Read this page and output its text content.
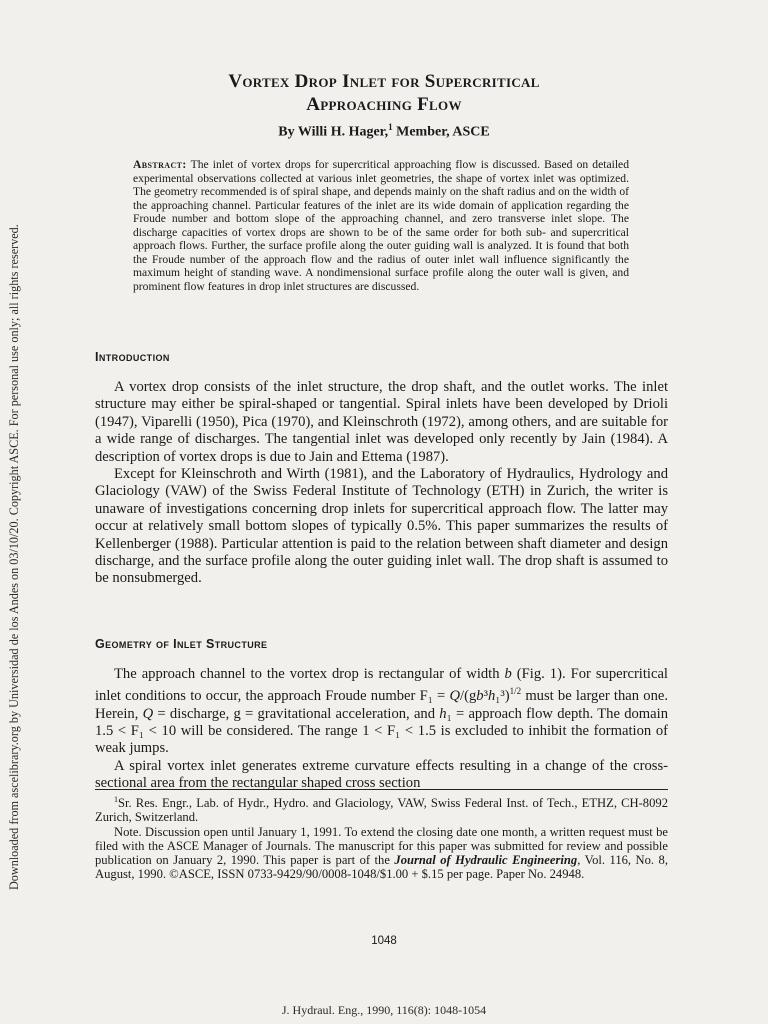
Downloaded from ascelibrary.org by Universidad de los Andes on 03/10/20. Copyright ASCE. For personal use only; all rights reserved.
Vortex Drop Inlet for Supercritical
Approaching Flow
By Willi H. Hager,$^1$ Member, ASCE
Abstract: The inlet of vortex drops for supercritical approaching flow is discussed. Based on detailed experimental observations collected at various inlet geometries, the shape of vortex inlet was optimized. The geometry recommended is of spiral shape, and depends mainly on the shaft radius and on the width of the approaching channel. Particular features of the inlet are its wide domain of application regarding the Froude number and bottom slope of the approaching channel, and zero transverse inlet slope. The discharge capacities of vortex drops are shown to be of the same order for both sub- and supercritical approach flows. Further, the surface profile along the outer guiding wall is analyzed. It is found that both the Froude number of the approach flow and the radius of outer inlet wall influence significantly the maximum height of standing wave. A nondimensional surface profile along the outer wall is given, and prominent flow features in drop inlet structures are discussed.
Introduction

A vortex drop consists of the inlet structure, the drop shaft, and the outlet works. The inlet structure may either be spiral-shaped or tangential. Spiral inlets have been developed by Drioli (1947), Viparelli (1950), Pica (1970), and Kleinschroth (1972), among others, and are suitable for a wide range of discharges. The tangential inlet was developed only recently by Jain (1984). A description of vortex drops is due to Jain and Ettema (1987).

Except for Kleinschroth and Wirth (1981), and the Laboratory of Hydraulics, Hydrology and Glaciology (VAW) of the Swiss Federal Institute of Technology (ETH) in Zurich, the writer is unaware of investigations concerning drop inlets for supercritical approach flow. The latter may occur at relatively small bottom slopes of typically 0.5%. This paper summarizes the results of Kellenberger (1988). Particular attention is paid to the relation between shaft diameter and design discharge, and the surface profile along the outer guiding inlet wall. The drop shaft is assumed to be nonsubmerged.

Geometry of Inlet Structure

The approach channel to the vortex drop is rectangular of width b (Fig. 1). For supercritical inlet conditions to occur, the approach Froude number $F_1 = Q/(gb^3h_1^3)^{1/2}$ must be larger than one. Herein, Q = discharge, g = gravitational acceleration, and h₁ = approach flow depth. The domain 1.5 < F₁ < 10 will be considered. The range 1 < F₁ < 1.5 is excluded to inhibit the formation of weak jumps.

A spiral vortex inlet generates extreme curvature effects resulting in a change of the cross-sectional area from the rectangular shaped cross section

$^1$Sr. Res. Engr., Lab. of Hydr., Hydro. and Glaciology, VAW, Swiss Federal Inst. of Tech., ETHZ, CH-8092 Zurich, Switzerland.

Note. Discussion open until January 1, 1991. To extend the closing date one month, a written request must be filed with the ASCE Manager of Journals. The manuscript for this paper was submitted for review and possible publication on January 2, 1990. This paper is part of the Journal of Hydraulic Engineering, Vol. 116, No. 8, August, 1990. ©ASCE, ISSN 0733-9429/90/0008-1048/$1.00 + $.15 per page. Paper No. 24948.

1048
J. Hydraul. Eng., 1990, 116(8): 1048-1054
